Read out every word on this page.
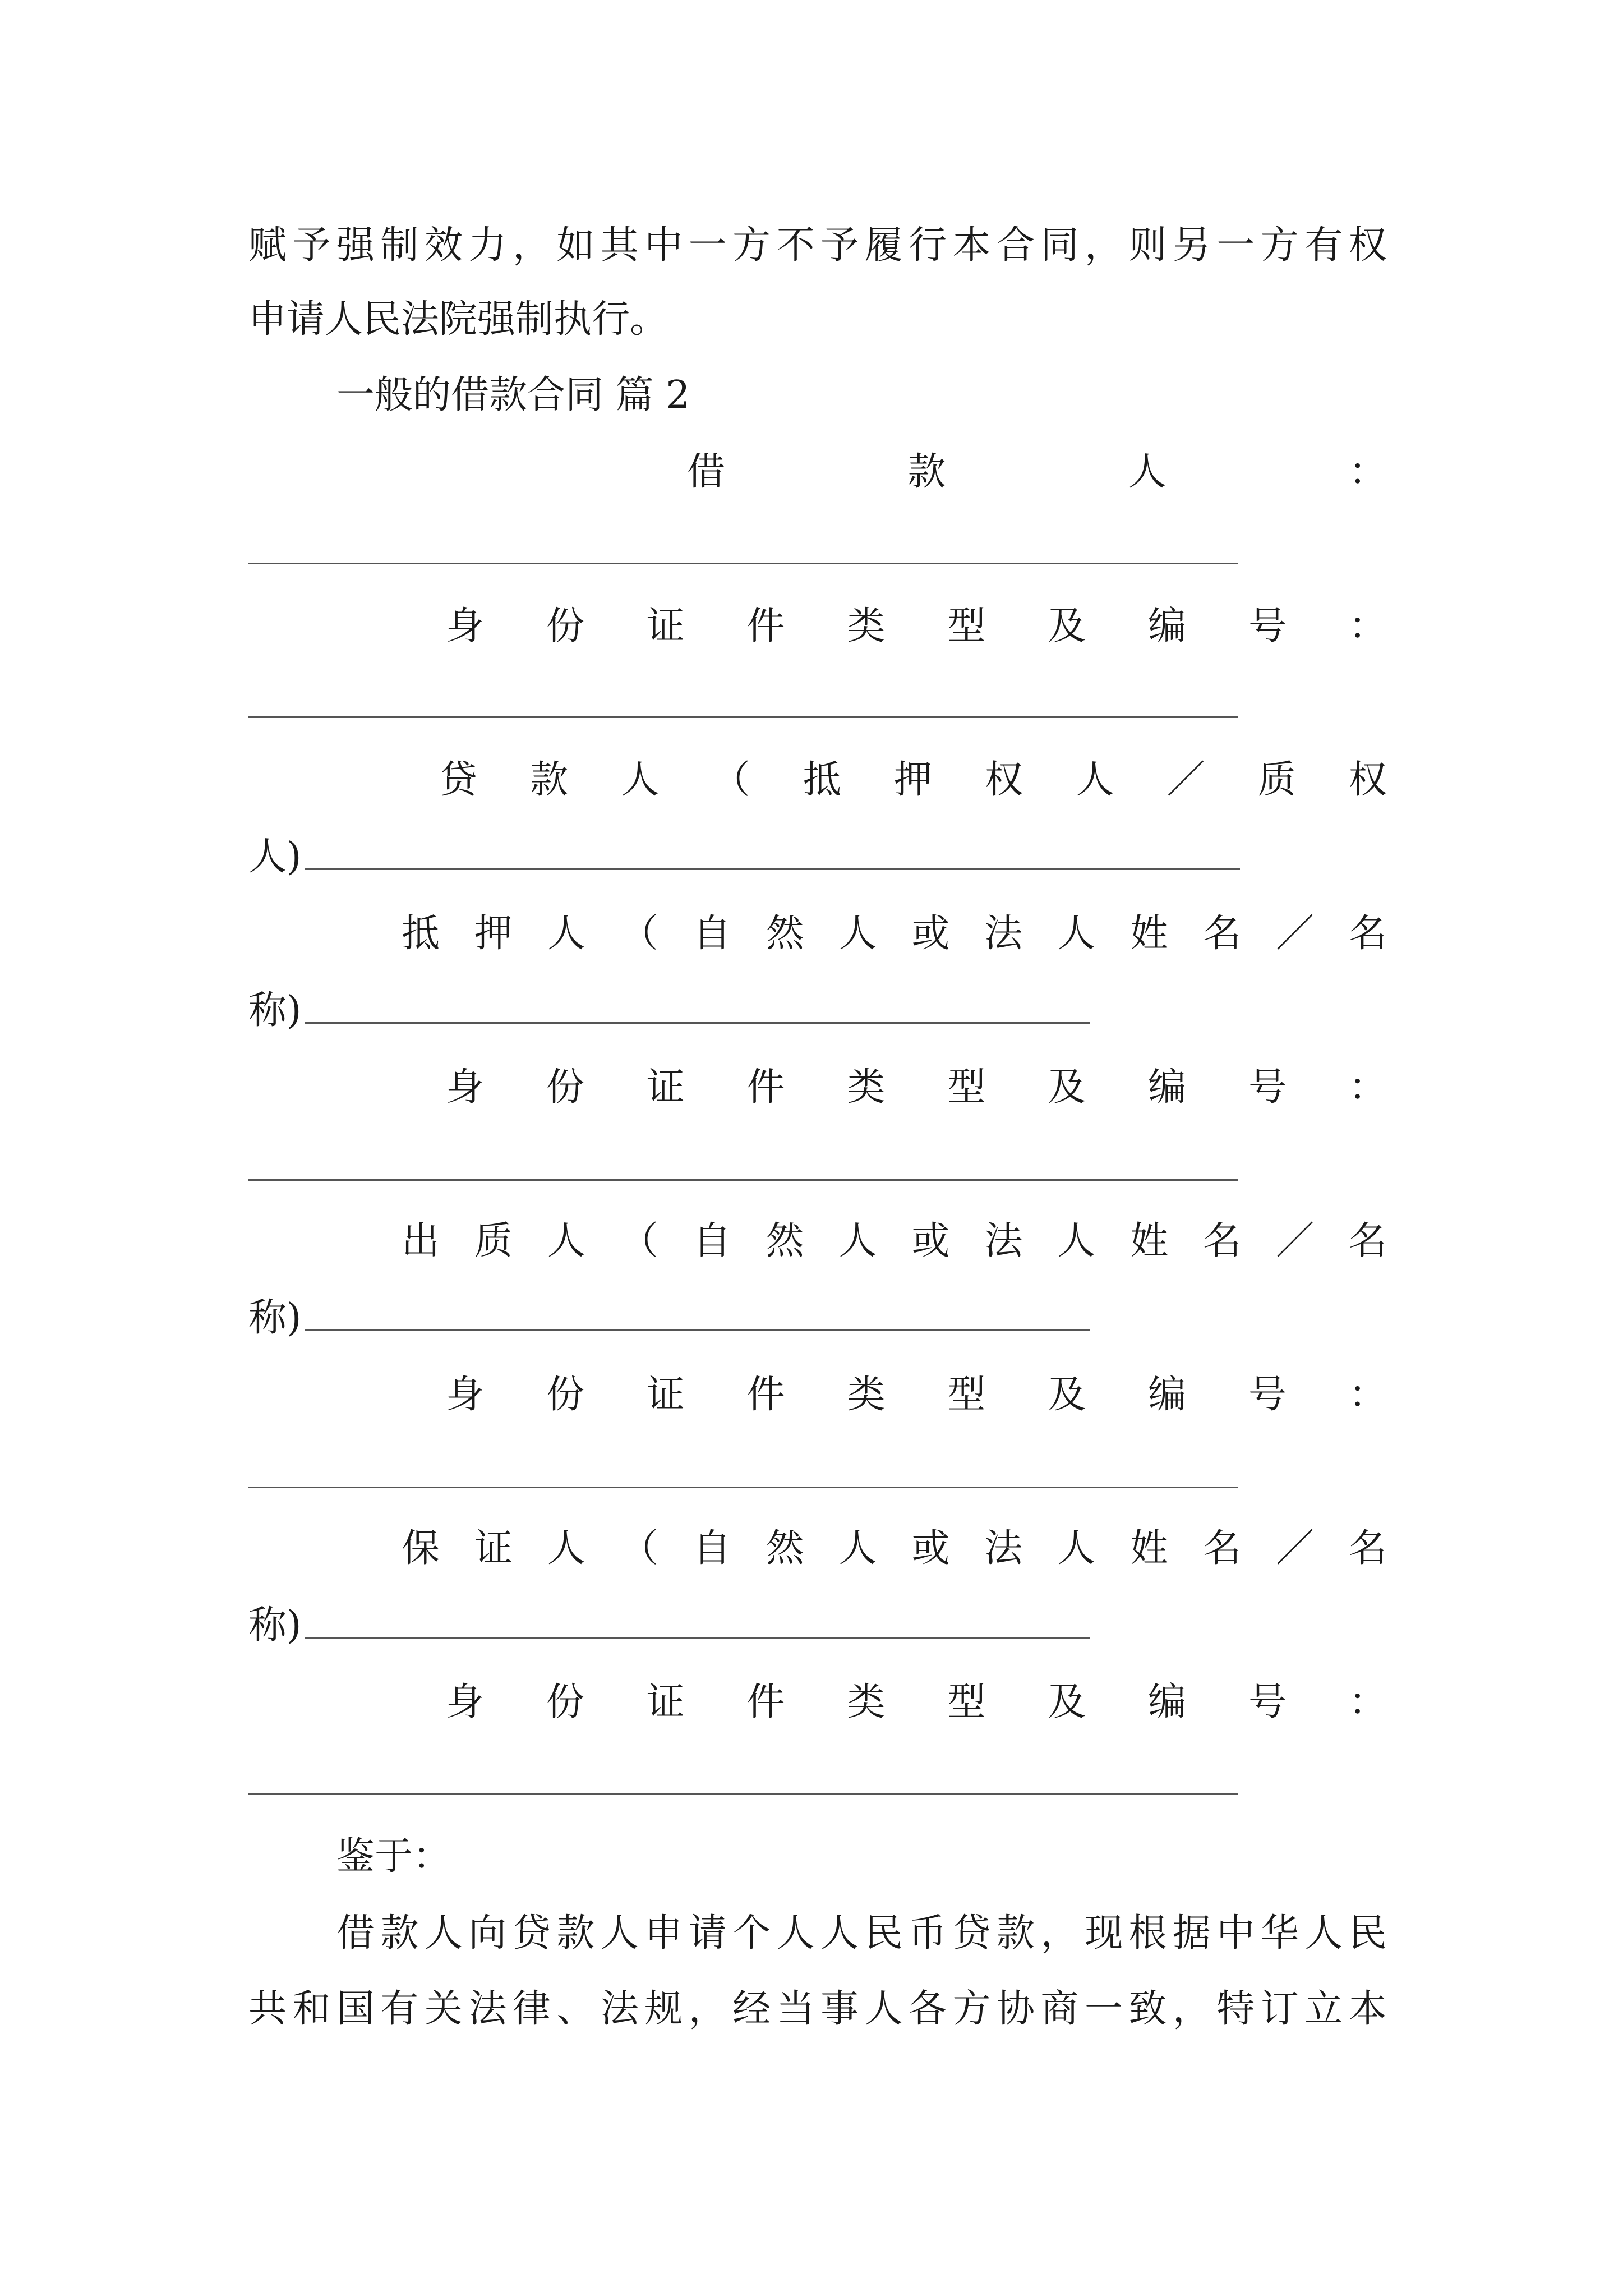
赋 予 强 制 效 力 ， 如 其 中 一 方 不 予 履 行 本 合 同 ， 则 另 一 方 有 权
申请人民法院强制执行。
一般的借款合同 篇 2
借	款	人	：
身 份 证 件 类 型 及 编 号 ：
贷 款 人 （ 抵 押 权 人 ／ 质 权
人)
抵 押 人 （ 自 然 人 或 法 人 姓 名 ／ 名
称)
身 份 证 件 类 型 及 编 号 ：
出 质 人 （ 自 然 人 或 法 人 姓 名 ／ 名
称)
身 份 证 件 类 型 及 编 号 ：
保 证 人 （ 自 然 人 或 法 人 姓 名 ／ 名
称)
身 份 证 件 类 型 及 编 号 ：
鉴于：
借 款 人 向 贷 款 人 申 请 个 人 人 民 币 贷 款 ， 现 根 据 中 华 人 民
共 和 国 有 关 法 律 、 法 规 ， 经 当 事 人 各 方 协 商 一 致 ， 特 订 立 本
